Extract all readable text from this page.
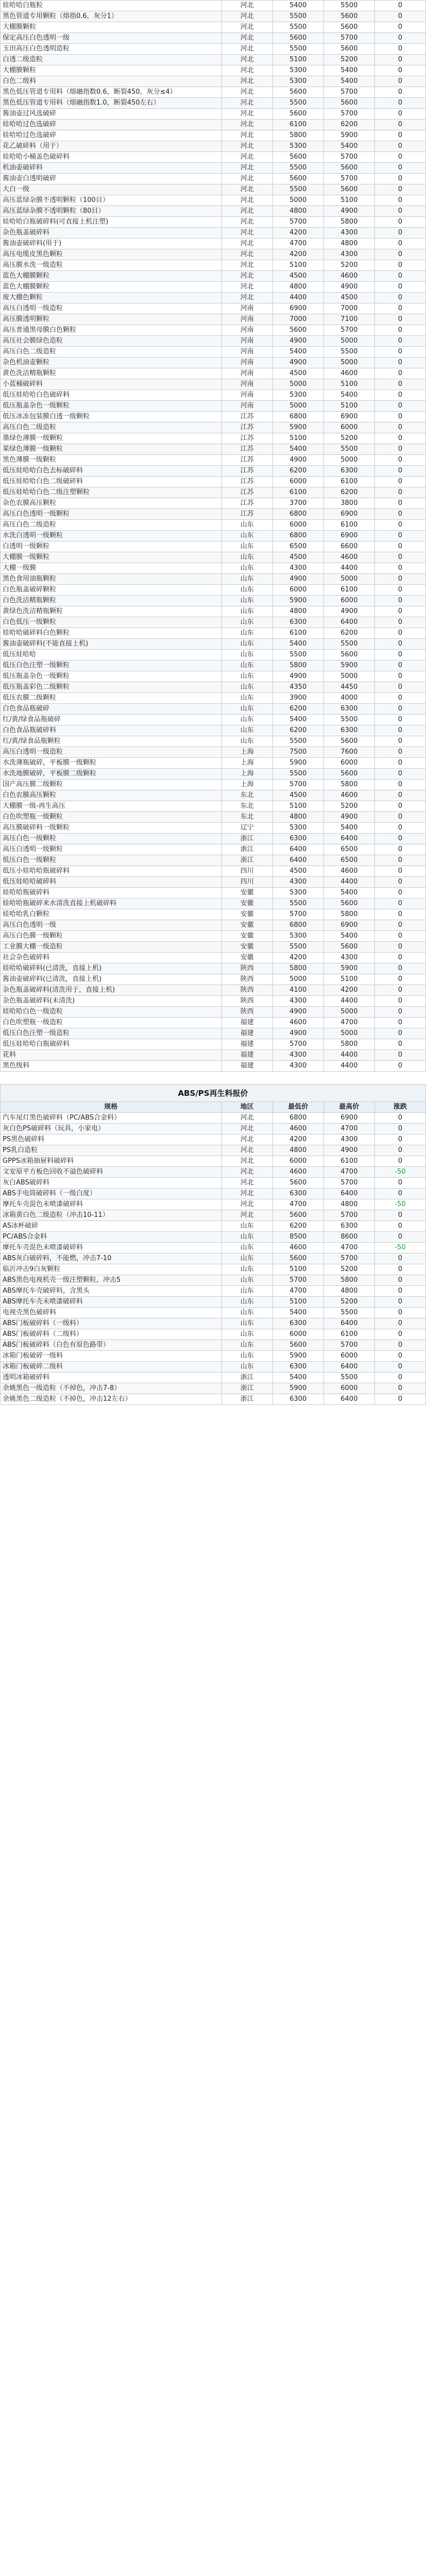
娃哈哈白瓶粒	河北	5400	5500	0
黑色管道专用颗粒（熔指0.6，灰分1）	河北	5500	5600	0
大棚膜颗粒	河北	5500	5600	0
保定高压白色透明一级	河北	5600	5700	0
玉田高压白色透明造粒	河北	5500	5600	0
白透二级造粒	河北	5100	5200	0
大棚膜颗粒	河北	5300	5400	0
白色二级料	河北	5300	5400	0
黑色低压管道专用料（熔融指数0.6，断裂450，灰分≤4）	河北	5600	5700	0
黑色低压管道专用料（熔融指数1.0，断裂450左右）	河北	5500	5600	0
酱油壶过风选破碎	河北	5600	5700	0
娃哈哈过色选破碎	河北	6100	6200	0
娃哈哈过色选破碎	河北	5800	5900	0
花乙破碎料（用于）	河北	5300	5400	0
娃哈哈小桶盖色破碎料	河北	5600	5700	0
机油壶破碎料	河北	5500	5600	0
酱油壶白透明破碎	河北	5600	5700	0
大白一级	河北	5500	5600	0
高压蓝绿杂膜不透明颗粒（100目）	河北	5000	5100	0
高压蓝绿杂膜不透明颗粒（80目）	河北	4800	4900	0
娃哈哈白瓶破碎料(可直接上机注塑)	河北	5700	5800	0
杂色瓶盖破碎料	河北	4200	4300	0
酱油壶破碎料(用于)	河北	4700	4800	0
高压电缆皮黑色颗粒	河北	4200	4300	0
高压膜水洗一级造粒	河北	5100	5200	0
蓝色大棚膜颗粒	河北	4500	4600	0
蓝色大棚膜颗粒	河北	4800	4900	0
废大棚色颗粒	河北	4400	4500	0
高压白透明一级造粒	河南	6900	7000	0
高压膜透明颗粒	河南	7000	7100	0
高压普通黑母膜白色颗粒	河南	5600	5700	0
高压社会膜绿色造粒	河南	4900	5000	0
高压白色二级造粒	河南	5400	5500	0
杂色机油壶颗粒	河南	4900	5000	0
黄色洗洁精瓶颗粒	河南	4500	4600	0
小蓝桶破碎料	河南	5000	5100	0
低压娃哈哈白色破碎料	河南	5300	5400	0
低压瓶盖杂色一级颗粒	河南	5000	5100	0
低压冰冻包装膜白透一级颗粒	江苏	6800	6900	0
高压白色二级造粒	江苏	5900	6000	0
墨绿色薄膜一级颗粒	江苏	5100	5200	0
果绿色薄膜一级颗粒	江苏	5400	5500	0
黑色薄膜一级颗粒	江苏	4900	5000	0
低压娃哈哈白色去标破碎料	江苏	6200	6300	0
低压娃哈哈白色二级破碎料	江苏	6000	6100	0
低压娃哈哈白色二级注塑颗粒	江苏	6100	6200	0
杂色农膜高压颗粒	江苏	3700	3800	0
高压白色透明一级颗粒	江苏	6800	6900	0
高压白色二级造粒	山东	6000	6100	0
水洗白透明一级颗粒	山东	6800	6900	0
白透明一级颗粒	山东	6500	6600	0
大棚膜一级颗粒	山东	4500	4600	0
大棚一级膜	山东	4300	4400	0
黑色食用油瓶颗粒	山东	4900	5000	0
白色瓶盖破碎颗粒	山东	6000	6100	0
白色洗洁精瓶颗粒	山东	5900	6000	0
黄绿色洗洁精瓶颗粒	山东	4800	4900	0
白色低压一级颗粒	山东	6300	6400	0
娃哈哈破碎料白色颗粒	山东	6100	6200	0
酱油壶破碎料(不能直接上机)	山东	5400	5500	0
低压娃哈哈	山东	5500	5600	0
低压白色注塑一级颗粒	山东	5800	5900	0
低压瓶盖杂色一级颗粒	山东	4900	5000	0
低压瓶盖彩色二级颗粒	山东	4350	4450	0
低压农膜二级颗粒	山东	3900	4000	0
白色食品瓶破碎	山东	6200	6300	0
红/黄/绿食品瓶破碎	山东	5400	5500	0
白色食品瓶破碎料	山东	6200	6300	0
红/黄/绿食品瓶颗粒	山东	5500	5600	0
高压白透明一级造粒	上海	7500	7600	0
水洗薄瓶破碎，平板膜一级颗粒	上海	5900	6000	0
水洗地膜破碎，平板膜二级颗粒	上海	5500	5600	0
国产高压膜二级颗粒	上海	5700	5800	0
白色农膜高压颗粒	东北	4500	4600	0
大棚膜一级-再生高压	东北	5100	5200	0
白色吹塑瓶一级颗粒	东北	4800	4900	0
高压膜破碎料一级颗粒	辽宁	5300	5400	0
高压白色一级颗粒	浙江	6300	6400	0
高压白透明一级颗粒	浙江	6400	6500	0
低压白色一级颗粒	浙江	6400	6500	0
低压小娃哈哈瓶破碎料	四川	4500	4600	0
低压娃哈哈破碎料	四川	4300	4400	0
娃哈哈瓶破碎料	安徽	5300	5400	0
娃哈哈瓶破碎来水清洗直接上机破碎料	安徽	5500	5600	0
娃哈哈乳白颗粒	安徽	5700	5800	0
高压白色透明一级	安徽	6800	6900	0
高压白色膜一级颗粒	安徽	5300	5400	0
工业膜大棚一级造粒	安徽	5500	5600	0
社会杂色破碎料	安徽	4200	4300	0
娃哈哈破碎料(已清洗，直接上机)	陕西	5800	5900	0
酱油壶破碎料(已清洗，直接上机)	陕西	5000	5100	0
杂色瓶盖破碎料(清洗用于，直接上机)	陕西	4100	4200	0
杂色瓶盖破碎料(未清洗)	陕西	4300	4400	0
娃哈哈白色一级造粒	陕西	4900	5000	0
白色吹塑瓶一级造粒	福建	4600	4700	0
低压白色注塑一级造粒	福建	4900	5000	0
低压娃哈哈白瓶破碎料	福建	5700	5800	0
花料	福建	4300	4400	0
黑色级料	福建	4300	4400	0
ABS/PS再生料报价
规格	地区	最低价	最高价	涨跌
汽车尾灯黑色破碎料（PC/ABS合金料）	河北	6800	6900	0
灰白色PS破碎料（玩具，小家电）	河北	4600	4700	0
PS黑色破碎料	河北	4200	4300	0
PS乳白造粒	河北	4800	4900	0
GPPS冰箱抽屉料破碎料	河北	6000	6100	0
文安原平方板色回收不溢色破碎料	河北	4600	4700	-50
灰白ABS破碎料	河北	5600	5700	0
ABS手电筒破碎料（一级白度）	河北	6300	6400	0
摩托车壳混色未喷漆破碎料	河北	4700	4800	-50
冰箱黄白色二级造粒（冲击10-11）	河北	5600	5700	0
AS冰杯破碎	山东	6200	6300	0
PC/ABS合金料	山东	8500	8600	0
摩托车壳混色未喷漆破碎料	山东	4600	4700	-50
ABS灰白破碎料，不能燃，冲击7-10	山东	5600	5700	0
临沂冲击9白灰颗粒	山东	5100	5200	0
ABS黑色电视机壳一级注塑颗粒，冲击5	山东	5700	5800	0
ABS摩托车壳破碎料，含黑头	山东	4700	4800	0
ABS摩托车壳未喷漆破碎料	山东	5100	5200	0
电视壳黑色破碎料	山东	5400	5500	0
ABS门板破碎料（一级料）	山东	6300	6400	0
ABS门板破碎料（二级料）	山东	6000	6100	0
ABS门板破碎料（白色有原色路带）	山东	5600	5700	0
冰箱门板破碎一级料	山东	5900	6000	0
冰箱门板破碎二级料	山东	6300	6400	0
透明冰箱破碎料	浙江	5400	5500	0
余姚黑色一级造粒（不掉色，冲击7-8）	浙江	5900	6000	0
余姚黑色二级造粒（不掉色，冲击12左右）	浙江	6300	6400	0
